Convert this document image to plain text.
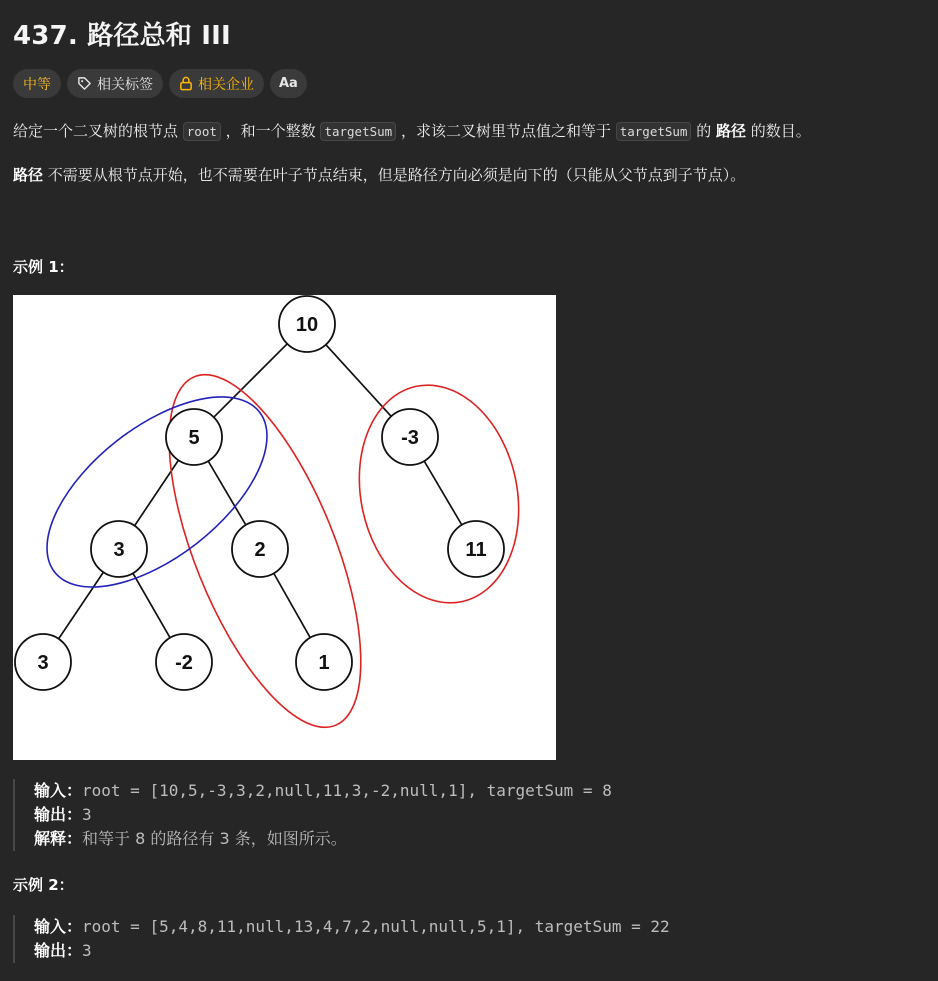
437. 路径总和 III
中等	相关标签	相关企业 Aa

给定一个二叉树的根节点 root ，和一个整数 targetSum ，求该二叉树里节点值之和等于 targetSum 的 路径 的数目。

路径 不需要从根节点开始，也不需要在叶子节点结束，但是路径方向必须是向下的（只能从父节点到子节点）。

示例 1：

10
5	-3
3	2	11
3	-2	1
输入：root = [10,5,-3,3,2,null,11,3,-2,null,1], targetSum = 8
输出：3
解释：和等于 8 的路径有 3 条，如图所示。

示例 2：

输入：root = [5,4,8,11,null,13,4,7,2,null,null,5,1], targetSum = 22
输出：3
